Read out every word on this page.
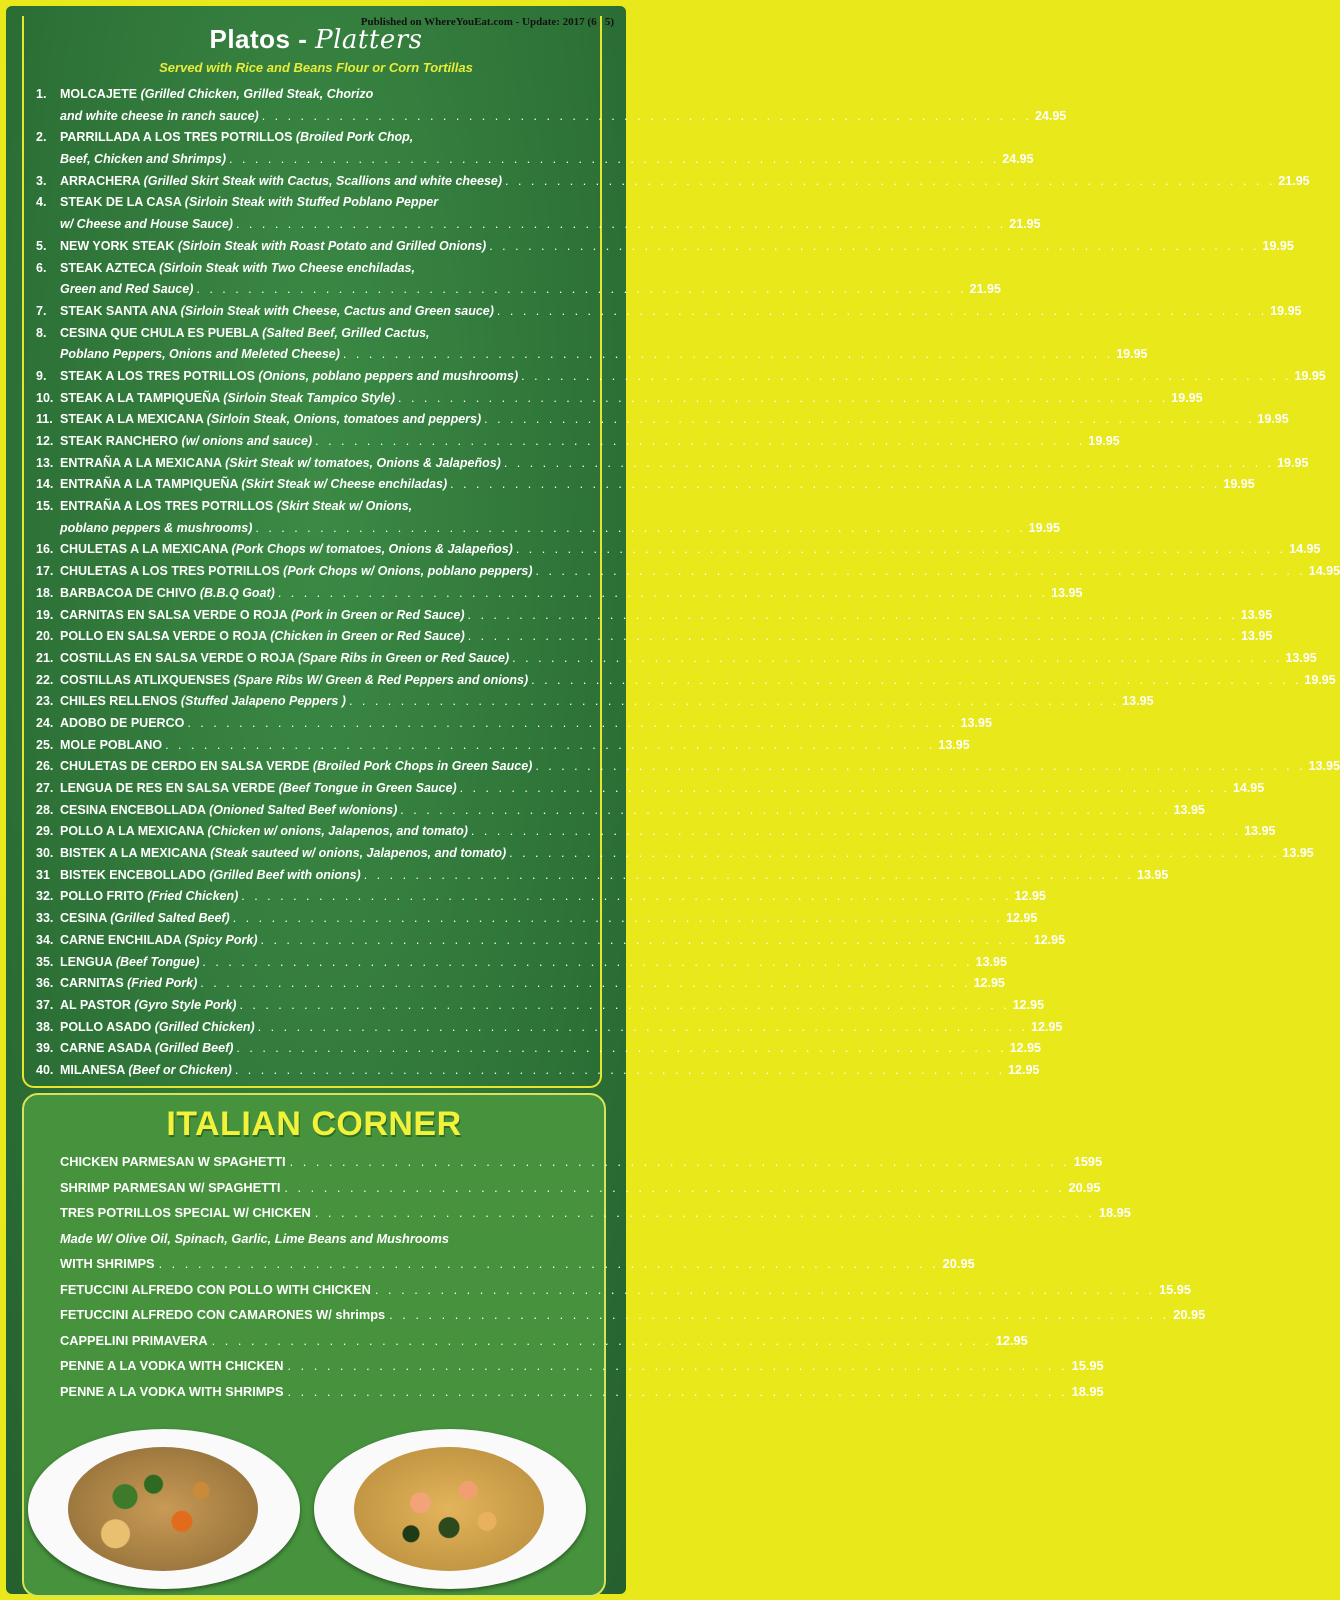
Published on WhereYouEat.com - Update: 2017 (6 . 5)
Platos - Platters
Served with Rice and Beans Flour or Corn Tortillas
1.	MOLCAJETE (Grilled Chicken, Grilled Steak, Chorizo
and white cheese in ranch sauce) . . . . . . . . . . . . . . . . . . . . . . . . . . . . . . . . . . . . . . . . . . . . . . . . . . . . . . . . . . . . 24.95
2.	PARRILLADA A LOS TRES POTRILLOS (Broiled Pork Chop,
Beef, Chicken and Shrimps) . . . . . . . . . . . . . . . . . . . . . . . . . . . . . . . . . . . . . . . . . . . . . . . . . . . . . . . . . . . . 24.95
3.	ARRACHERA (Grilled Skirt Steak with Cactus, Scallions and white cheese) . . . . . . . . . . . . . . . . . . . . . . . . . . . . . . . . . . . . . . . . . . . . . . . . . . . . . . . . . . . . 21.95
4.	STEAK DE LA CASA (Sirloin Steak with Stuffed Poblano Pepper
w/ Cheese and House Sauce) . . . . . . . . . . . . . . . . . . . . . . . . . . . . . . . . . . . . . . . . . . . . . . . . . . . . . . . . . . . . 21.95
5.	NEW YORK STEAK (Sirloin Steak with Roast Potato and Grilled Onions) . . . . . . . . . . . . . . . . . . . . . . . . . . . . . . . . . . . . . . . . . . . . . . . . . . . . . . . . . . . . 19.95
6.	STEAK AZTECA (Sirloin Steak with Two Cheese enchiladas,
Green and Red Sauce) . . . . . . . . . . . . . . . . . . . . . . . . . . . . . . . . . . . . . . . . . . . . . . . . . . . . . . . . . . . . 21.95
7.	STEAK SANTA ANA (Sirloin Steak with Cheese, Cactus and Green sauce) . . . . . . . . . . . . . . . . . . . . . . . . . . . . . . . . . . . . . . . . . . . . . . . . . . . . . . . . . . . . 19.95
8.	CESINA QUE CHULA ES PUEBLA (Salted Beef, Grilled Cactus,
Poblano Peppers, Onions and Meleted Cheese) . . . . . . . . . . . . . . . . . . . . . . . . . . . . . . . . . . . . . . . . . . . . . . . . . . . . . . . . . . . . 19.95
9.	STEAK A LOS TRES POTRILLOS (Onions, poblano peppers and mushrooms) . . . . . . . . . . . . . . . . . . . . . . . . . . . . . . . . . . . . . . . . . . . . . . . . . . . . . . . . . . . . 19.95
10. STEAK A LA TAMPIQUEÑA (Sirloin Steak Tampico Style) . . . . . . . . . . . . . . . . . . . . . . . . . . . . . . . . . . . . . . . . . . . . . . . . . . . . . . . . . . . . 19.95
11. STEAK A LA MEXICANA (Sirloin Steak, Onions, tomatoes and peppers) . . . . . . . . . . . . . . . . . . . . . . . . . . . . . . . . . . . . . . . . . . . . . . . . . . . . . . . . . . . . 19.95
12. STEAK RANCHERO (w/ onions and sauce) . . . . . . . . . . . . . . . . . . . . . . . . . . . . . . . . . . . . . . . . . . . . . . . . . . . . . . . . . . . . 19.95
13. ENTRAÑA A LA MEXICANA (Skirt Steak w/ tomatoes, Onions & Jalapeños) . . . . . . . . . . . . . . . . . . . . . . . . . . . . . . . . . . . . . . . . . . . . . . . . . . . . . . . . . . . . 19.95
14. ENTRAÑA A LA TAMPIQUEÑA (Skirt Steak w/ Cheese enchiladas) . . . . . . . . . . . . . . . . . . . . . . . . . . . . . . . . . . . . . . . . . . . . . . . . . . . . . . . . . . . . 19.95
15. ENTRAÑA A LOS TRES POTRILLOS (Skirt Steak w/ Onions,
poblano peppers & mushrooms) . . . . . . . . . . . . . . . . . . . . . . . . . . . . . . . . . . . . . . . . . . . . . . . . . . . . . . . . . . . . 19.95
16. CHULETAS A LA MEXICANA (Pork Chops w/ tomatoes, Onions & Jalapeños) . . . . . . . . . . . . . . . . . . . . . . . . . . . . . . . . . . . . . . . . . . . . . . . . . . . . . . . . . . . . 14.95
17. CHULETAS A LOS TRES POTRILLOS (Pork Chops w/ Onions, poblano peppers) . . . . . . . . . . . . . . . . . . . . . . . . . . . . . . . . . . . . . . . . . . . . . . . . . . . . . . . . . . . . 14.95
18. BARBACOA DE CHIVO (B.B.Q Goat) . . . . . . . . . . . . . . . . . . . . . . . . . . . . . . . . . . . . . . . . . . . . . . . . . . . . . . . . . . . . 13.95
19. CARNITAS EN SALSA VERDE O ROJA (Pork in Green or Red Sauce) . . . . . . . . . . . . . . . . . . . . . . . . . . . . . . . . . . . . . . . . . . . . . . . . . . . . . . . . . . . . 13.95
20. POLLO EN SALSA VERDE O ROJA (Chicken in Green or Red Sauce) . . . . . . . . . . . . . . . . . . . . . . . . . . . . . . . . . . . . . . . . . . . . . . . . . . . . . . . . . . . . 13.95
21. COSTILLAS EN SALSA VERDE O ROJA (Spare Ribs in Green or Red Sauce) . . . . . . . . . . . . . . . . . . . . . . . . . . . . . . . . . . . . . . . . . . . . . . . . . . . . . . . . . . . . 13.95
22. COSTILLAS ATLIXQUENSES (Spare Ribs W/ Green & Red Peppers and onions) . . . . . . . . . . . . . . . . . . . . . . . . . . . . . . . . . . . . . . . . . . . . . . . . . . . . . . . . . . . . 19.95
23. CHILES RELLENOS (Stuffed Jalapeno Peppers ) . . . . . . . . . . . . . . . . . . . . . . . . . . . . . . . . . . . . . . . . . . . . . . . . . . . . . . . . . . . . 13.95
24. ADOBO DE PUERCO . . . . . . . . . . . . . . . . . . . . . . . . . . . . . . . . . . . . . . . . . . . . . . . . . . . . . . . . . . . . 13.95
25. MOLE POBLANO . . . . . . . . . . . . . . . . . . . . . . . . . . . . . . . . . . . . . . . . . . . . . . . . . . . . . . . . . . . . 13.95
26. CHULETAS DE CERDO EN SALSA VERDE (Broiled Pork Chops in Green Sauce) . . . . . . . . . . . . . . . . . . . . . . . . . . . . . . . . . . . . . . . . . . . . . . . . . . . . . . . . . . . . 13.95
27. LENGUA DE RES EN SALSA VERDE (Beef Tongue in Green Sauce) . . . . . . . . . . . . . . . . . . . . . . . . . . . . . . . . . . . . . . . . . . . . . . . . . . . . . . . . . . . . 14.95
28. CESINA ENCEBOLLADA (Onioned Salted Beef w/onions) . . . . . . . . . . . . . . . . . . . . . . . . . . . . . . . . . . . . . . . . . . . . . . . . . . . . . . . . . . . . 13.95
29. POLLO A LA MEXICANA (Chicken w/ onions, Jalapenos, and tomato) . . . . . . . . . . . . . . . . . . . . . . . . . . . . . . . . . . . . . . . . . . . . . . . . . . . . . . . . . . . . 13.95
30. BISTEK A LA MEXICANA (Steak sauteed w/ onions, Jalapenos, and tomato) . . . . . . . . . . . . . . . . . . . . . . . . . . . . . . . . . . . . . . . . . . . . . . . . . . . . . . . . . . . . 13.95
31 BISTEK ENCEBOLLADO (Grilled Beef with onions) . . . . . . . . . . . . . . . . . . . . . . . . . . . . . . . . . . . . . . . . . . . . . . . . . . . . . . . . . . . . 13.95
32. POLLO FRITO (Fried Chicken) . . . . . . . . . . . . . . . . . . . . . . . . . . . . . . . . . . . . . . . . . . . . . . . . . . . . . . . . . . . . 12.95
33. CESINA (Grilled Salted Beef) . . . . . . . . . . . . . . . . . . . . . . . . . . . . . . . . . . . . . . . . . . . . . . . . . . . . . . . . . . . . 12.95
34. CARNE ENCHILADA (Spicy Pork) . . . . . . . . . . . . . . . . . . . . . . . . . . . . . . . . . . . . . . . . . . . . . . . . . . . . . . . . . . . . 12.95
35. LENGUA (Beef Tongue) . . . . . . . . . . . . . . . . . . . . . . . . . . . . . . . . . . . . . . . . . . . . . . . . . . . . . . . . . . . . 13.95
36. CARNITAS (Fried Pork) . . . . . . . . . . . . . . . . . . . . . . . . . . . . . . . . . . . . . . . . . . . . . . . . . . . . . . . . . . . . 12.95
37. AL PASTOR (Gyro Style Pork) . . . . . . . . . . . . . . . . . . . . . . . . . . . . . . . . . . . . . . . . . . . . . . . . . . . . . . . . . . . . 12.95
38. POLLO ASADO (Grilled Chicken) . . . . . . . . . . . . . . . . . . . . . . . . . . . . . . . . . . . . . . . . . . . . . . . . . . . . . . . . . . . . 12.95
39. CARNE ASADA (Grilled Beef) . . . . . . . . . . . . . . . . . . . . . . . . . . . . . . . . . . . . . . . . . . . . . . . . . . . . . . . . . . . . 12.95
40. MILANESA (Beef or Chicken) . . . . . . . . . . . . . . . . . . . . . . . . . . . . . . . . . . . . . . . . . . . . . . . . . . . . . . . . . . . . 12.95
ITALIAN CORNER
CHICKEN PARMESAN W SPAGHETTI . . . . . . . . . . . . . . . . . . . . . . . . . . . . . . . . . . . . . . . . . . . . . . . . . . . . . . . . . . . . 1595
SHRIMP PARMESAN W/ SPAGHETTI . . . . . . . . . . . . . . . . . . . . . . . . . . . . . . . . . . . . . . . . . . . . . . . . . . . . . . . . . . . . 20.95
TRES POTRILLOS SPECIAL W/ CHICKEN . . . . . . . . . . . . . . . . . . . . . . . . . . . . . . . . . . . . . . . . . . . . . . . . . . . . . . . . . . . . 18.95
Made W/ Olive Oil, Spinach, Garlic, Lime Beans and Mushrooms
WITH SHRIMPS . . . . . . . . . . . . . . . . . . . . . . . . . . . . . . . . . . . . . . . . . . . . . . . . . . . . . . . . . . . . 20.95
FETUCCINI ALFREDO CON POLLO WITH CHICKEN . . . . . . . . . . . . . . . . . . . . . . . . . . . . . . . . . . . . . . . . . . . . . . . . . . . . . . . . . . . . 15.95
FETUCCINI ALFREDO CON CAMARONES W/ shrimps . . . . . . . . . . . . . . . . . . . . . . . . . . . . . . . . . . . . . . . . . . . . . . . . . . . . . . . . . . . . 20.95
CAPPELINI PRIMAVERA . . . . . . . . . . . . . . . . . . . . . . . . . . . . . . . . . . . . . . . . . . . . . . . . . . . . . . . . . . . . 12.95
PENNE A LA VODKA WITH CHICKEN . . . . . . . . . . . . . . . . . . . . . . . . . . . . . . . . . . . . . . . . . . . . . . . . . . . . . . . . . . . . 15.95
PENNE A LA VODKA WITH SHRIMPS . . . . . . . . . . . . . . . . . . . . . . . . . . . . . . . . . . . . . . . . . . . . . . . . . . . . . . . . . . . . 18.95
